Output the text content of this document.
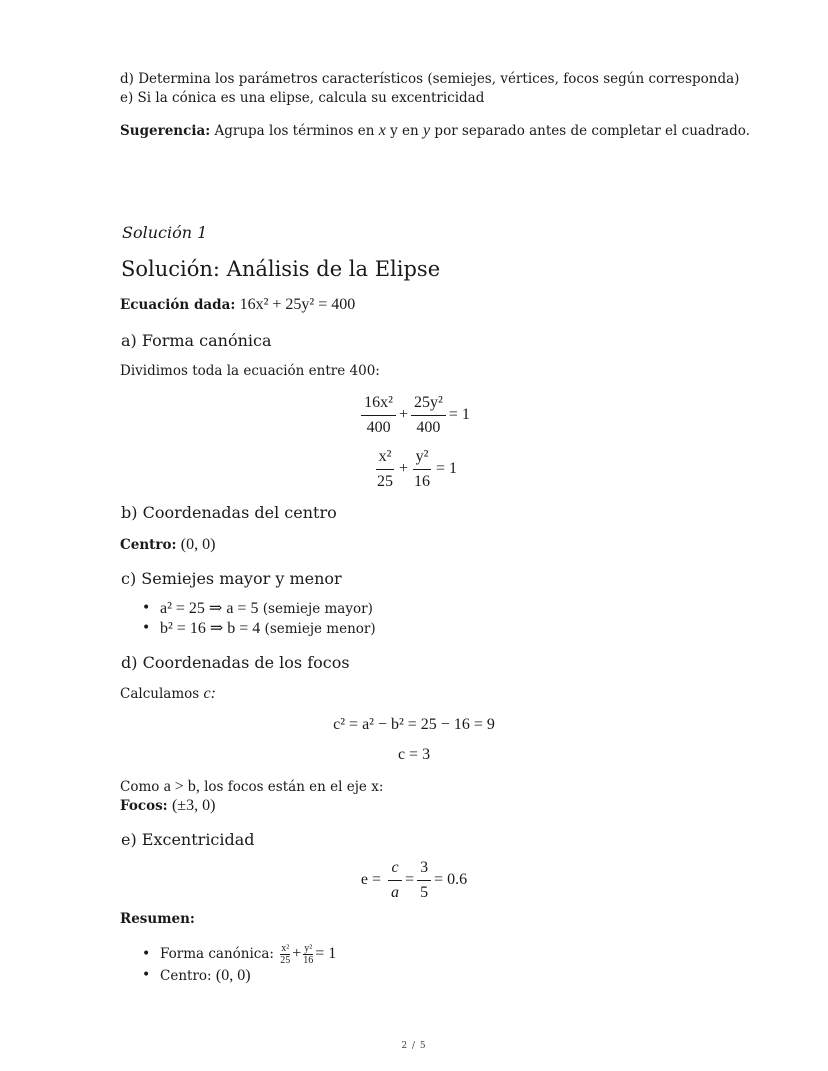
d) Determina los parámetros característicos (semiejes, vértices, focos según corresponda)
e) Si la cónica es una elipse, calcula su excentricidad
Sugerencia: Agrupa los términos en x y en y por separado antes de completar el cuadrado.
Solución 1
Solución: Análisis de la Elipse
Ecuación dada: 16x² + 25y² = 400
a) Forma canónica
Dividimos toda la ecuación entre 400:
$\frac{\text{16x²}}{400} + \frac{\text{25y²}}{400} = 1$
$\frac{\text{x²}}{25} + \frac{\text{y²}}{16} = 1$
b) Coordenadas del centro
Centro: (0, 0)
c) Semiejes mayor y menor
• a² = 25 ⇒ a = 5 (semieje mayor)
• b² = 16 ⇒ b = 4 (semieje menor)
d) Coordenadas de los focos
Calculamos c:
c² = a² − b² = 25 − 16 = 9
c = 3
Como a > b, los focos están en el eje x:
Focos: (±3, 0)
e) Excentricidad
$e = \frac{c}{a} = \frac{3}{5} = 0.6$
Resumen:
• Forma canónica: $\frac{\text{x²}}{25} + \frac{\text{y²}}{16} = 1$
• Centro: (0, 0)
2 / 5
